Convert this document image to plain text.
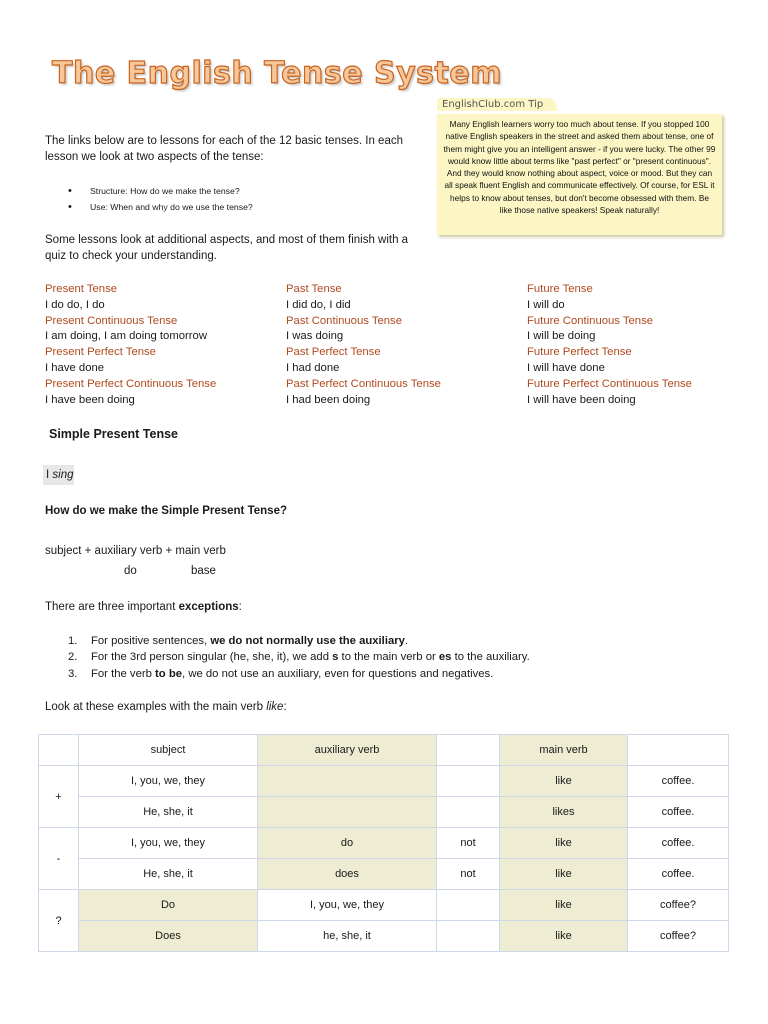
The English Tense System
EnglishClub.com Tip
Many English learners worry too much about tense. If you stopped 100 native English speakers in the street and asked them about tense, one of them might give you an intelligent answer - if you were lucky. The other 99 would know little about terms like "past perfect" or "present continuous". And they would know nothing about aspect, voice or mood. But they can all speak fluent English and communicate effectively. Of course, for ESL it helps to know about tenses, but don't become obsessed with them. Be like those native speakers! Speak naturally!
The links below are to lessons for each of the 12 basic tenses. In each lesson we look at two aspects of the tense:
• Structure: How do we make the tense?
• Use: When and why do we use the tense?
Some lessons look at additional aspects, and most of them finish with a quiz to check your understanding.
Present Tense
I do do, I do
Present Continuous Tense
I am doing, I am doing tomorrow
Present Perfect Tense
I have done
Present Perfect Continuous Tense
I have been doing
Past Tense
I did do, I did
Past Continuous Tense
I was doing
Past Perfect Tense
I had done
Past Perfect Continuous Tense
I had been doing
Future Tense
I will do
Future Continuous Tense
I will be doing
Future Perfect Tense
I will have done
Future Perfect Continuous Tense
I will have been doing
Simple Present Tense
I sing
How do we make the Simple Present Tense?
subject + auxiliary verb + main verb
do	base
There are three important exceptions:
1. For positive sentences, we do not normally use the auxiliary.
2. For the 3rd person singular (he, she, it), we add s to the main verb or es to the auxiliary.
3. For the verb to be, we do not use an auxiliary, even for questions and negatives.
Look at these examples with the main verb like:
	subject	auxiliary verb		main verb	
+	I, you, we, they			like	coffee.
	He, she, it			likes	coffee.
-	I, you, we, they	do	not	like	coffee.
	He, she, it	does	not	like	coffee.
?	Do	I, you, we, they		like	coffee?
	Does	he, she, it		like	coffee?
